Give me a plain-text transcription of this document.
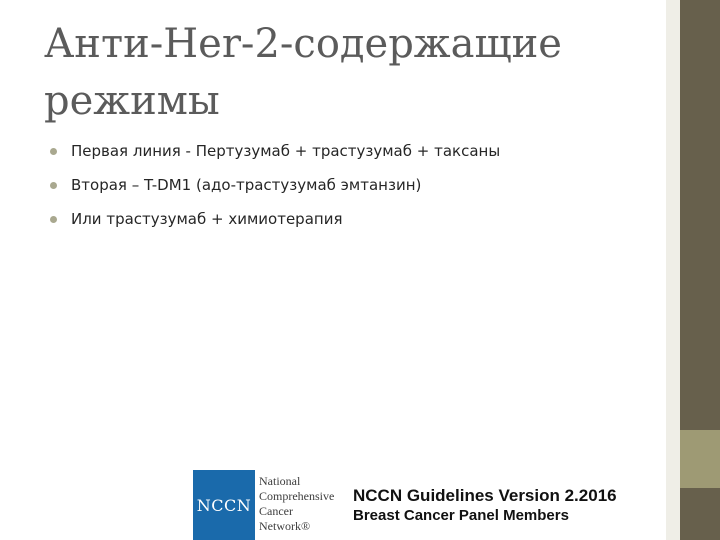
Анти-Her-2-содержащие режимы
Первая линия - Пертузумаб + трастузумаб + таксаны
Вторая – T-DM1 (адо-трастузумаб эмтанзин)
Или трастузумаб + химиотерапия
NCCN
National
Comprehensive
Cancer
Network®
NCCN Guidelines Version 2.2016
Breast Cancer Panel Members
